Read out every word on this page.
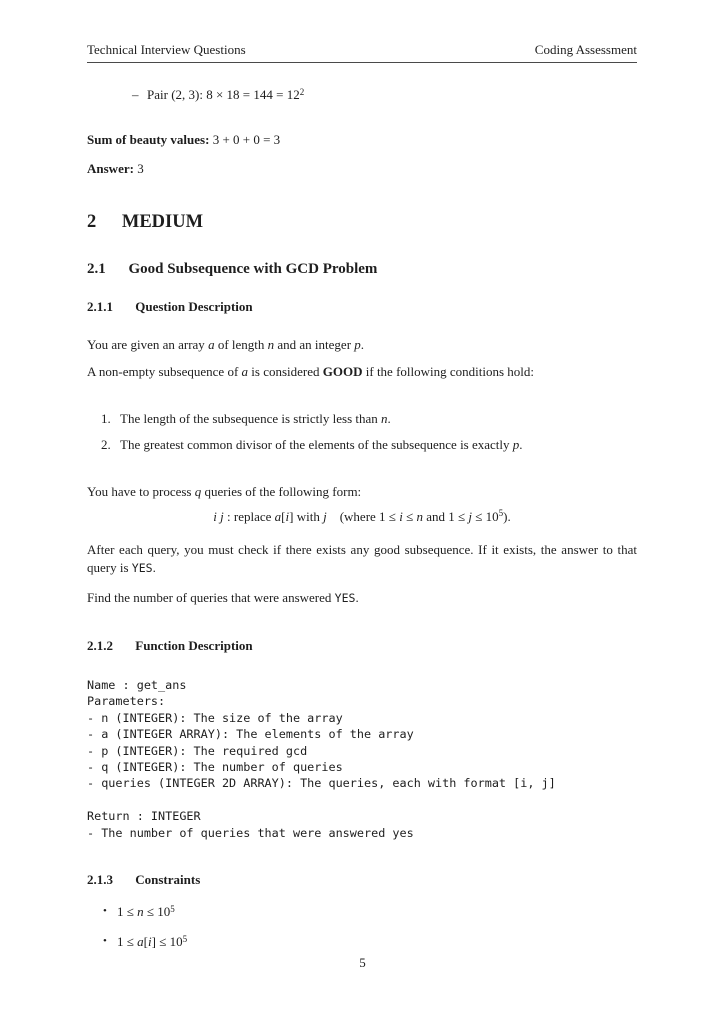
Technical Interview Questions	Coding Assessment
– Pair (2, 3): $8 \times 18 = 144 = 12^2$

Sum of beauty values: 3 + 0 + 0 = 3

Answer: 3

2 MEDIUM
2.1 Good Subsequence with GCD Problem
2.1.1 Question Description

You are given an array a of length n and an integer p.

A non-empty subsequence of a is considered GOOD if the following conditions hold:

1. The length of the subsequence is strictly less than n.
2. The greatest common divisor of the elements of the subsequence is exactly p.

You have to process q queries of the following form:

i j : replace a[i] with j  (where 1 ≤ i ≤ n and $1 \le j \le 10^5$).

After each query, you must check if there exists any good subsequence. If it exists, the answer to that query is YES.

Find the number of queries that were answered YES.

2.1.2 Function Description
Name : get_ans
Parameters:
- n (INTEGER): The size of the array
- a (INTEGER ARRAY): The elements of the array
- p (INTEGER): The required gcd
- q (INTEGER): The number of queries
- queries (INTEGER 2D ARRAY): The queries, each with format [i, j]

Return : INTEGER
- The number of queries that were answered yes
2.1.3 Constraints
• $1 \le n \le 10^5$
• $1 \le a[i] \le 10^5$
5
